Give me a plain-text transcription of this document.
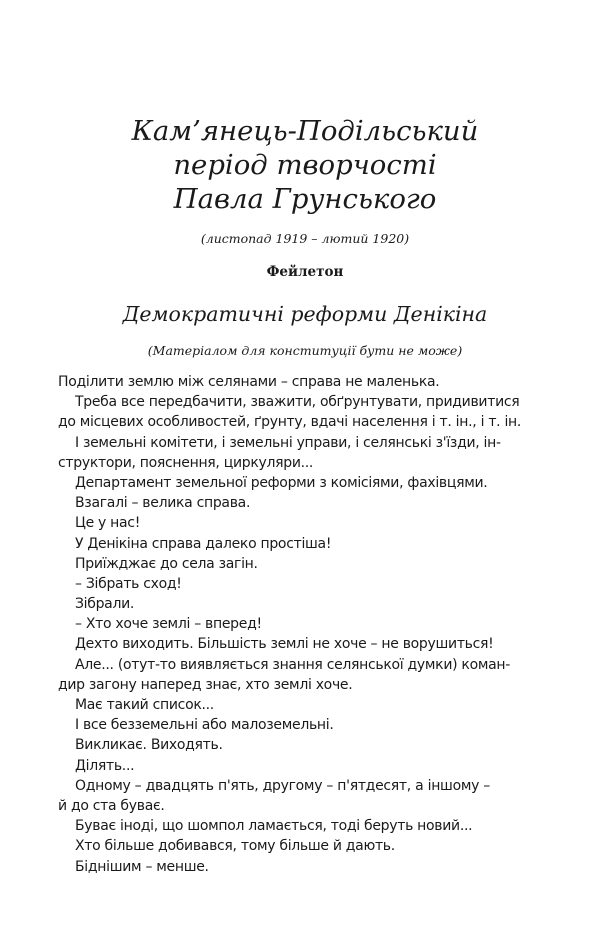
Кам’янець-Подільський
період творчості
Павла Грунського
(листопад 1919 – лютий 1920)
Фейлетон
Демократичні реформи Денікіна
(Матеріалом для конституції бути не може)
Поділити землю між селянами – справа не маленька.
Треба все передбачити, зважити, обґрунтувати, придивитися
до місцевих особливостей, ґрунту, вдачі населення і т. ін., і т. ін.
І земельні комітети, і земельні управи, і селянські з'їзди, ін-
структори, пояснення, циркуляри...
Департамент земельної реформи з комісіями, фахівцями.
Взагалі – велика справа.
Це у нас!
У Денікіна справа далеко простіша!
Приїжджає до села загін.
– Зібрать сход!
Зібрали.
– Хто хоче землі – вперед!
Дехто виходить. Більшість землі не хоче – не ворушиться!
Але... (отут-то виявляється знання селянської думки) коман-
дир загону наперед знає, хто землі хоче.
Має такий список...
І все безземельні або малоземельні.
Викликає. Виходять.
Ділять...
Одному – двадцять п'ять, другому – п'ятдесят, а іншому –
й до ста буває.
Буває іноді, що шомпол ламається, тоді беруть новий...
Хто більше добивався, тому більше й дають.
Біднішим – менше.
